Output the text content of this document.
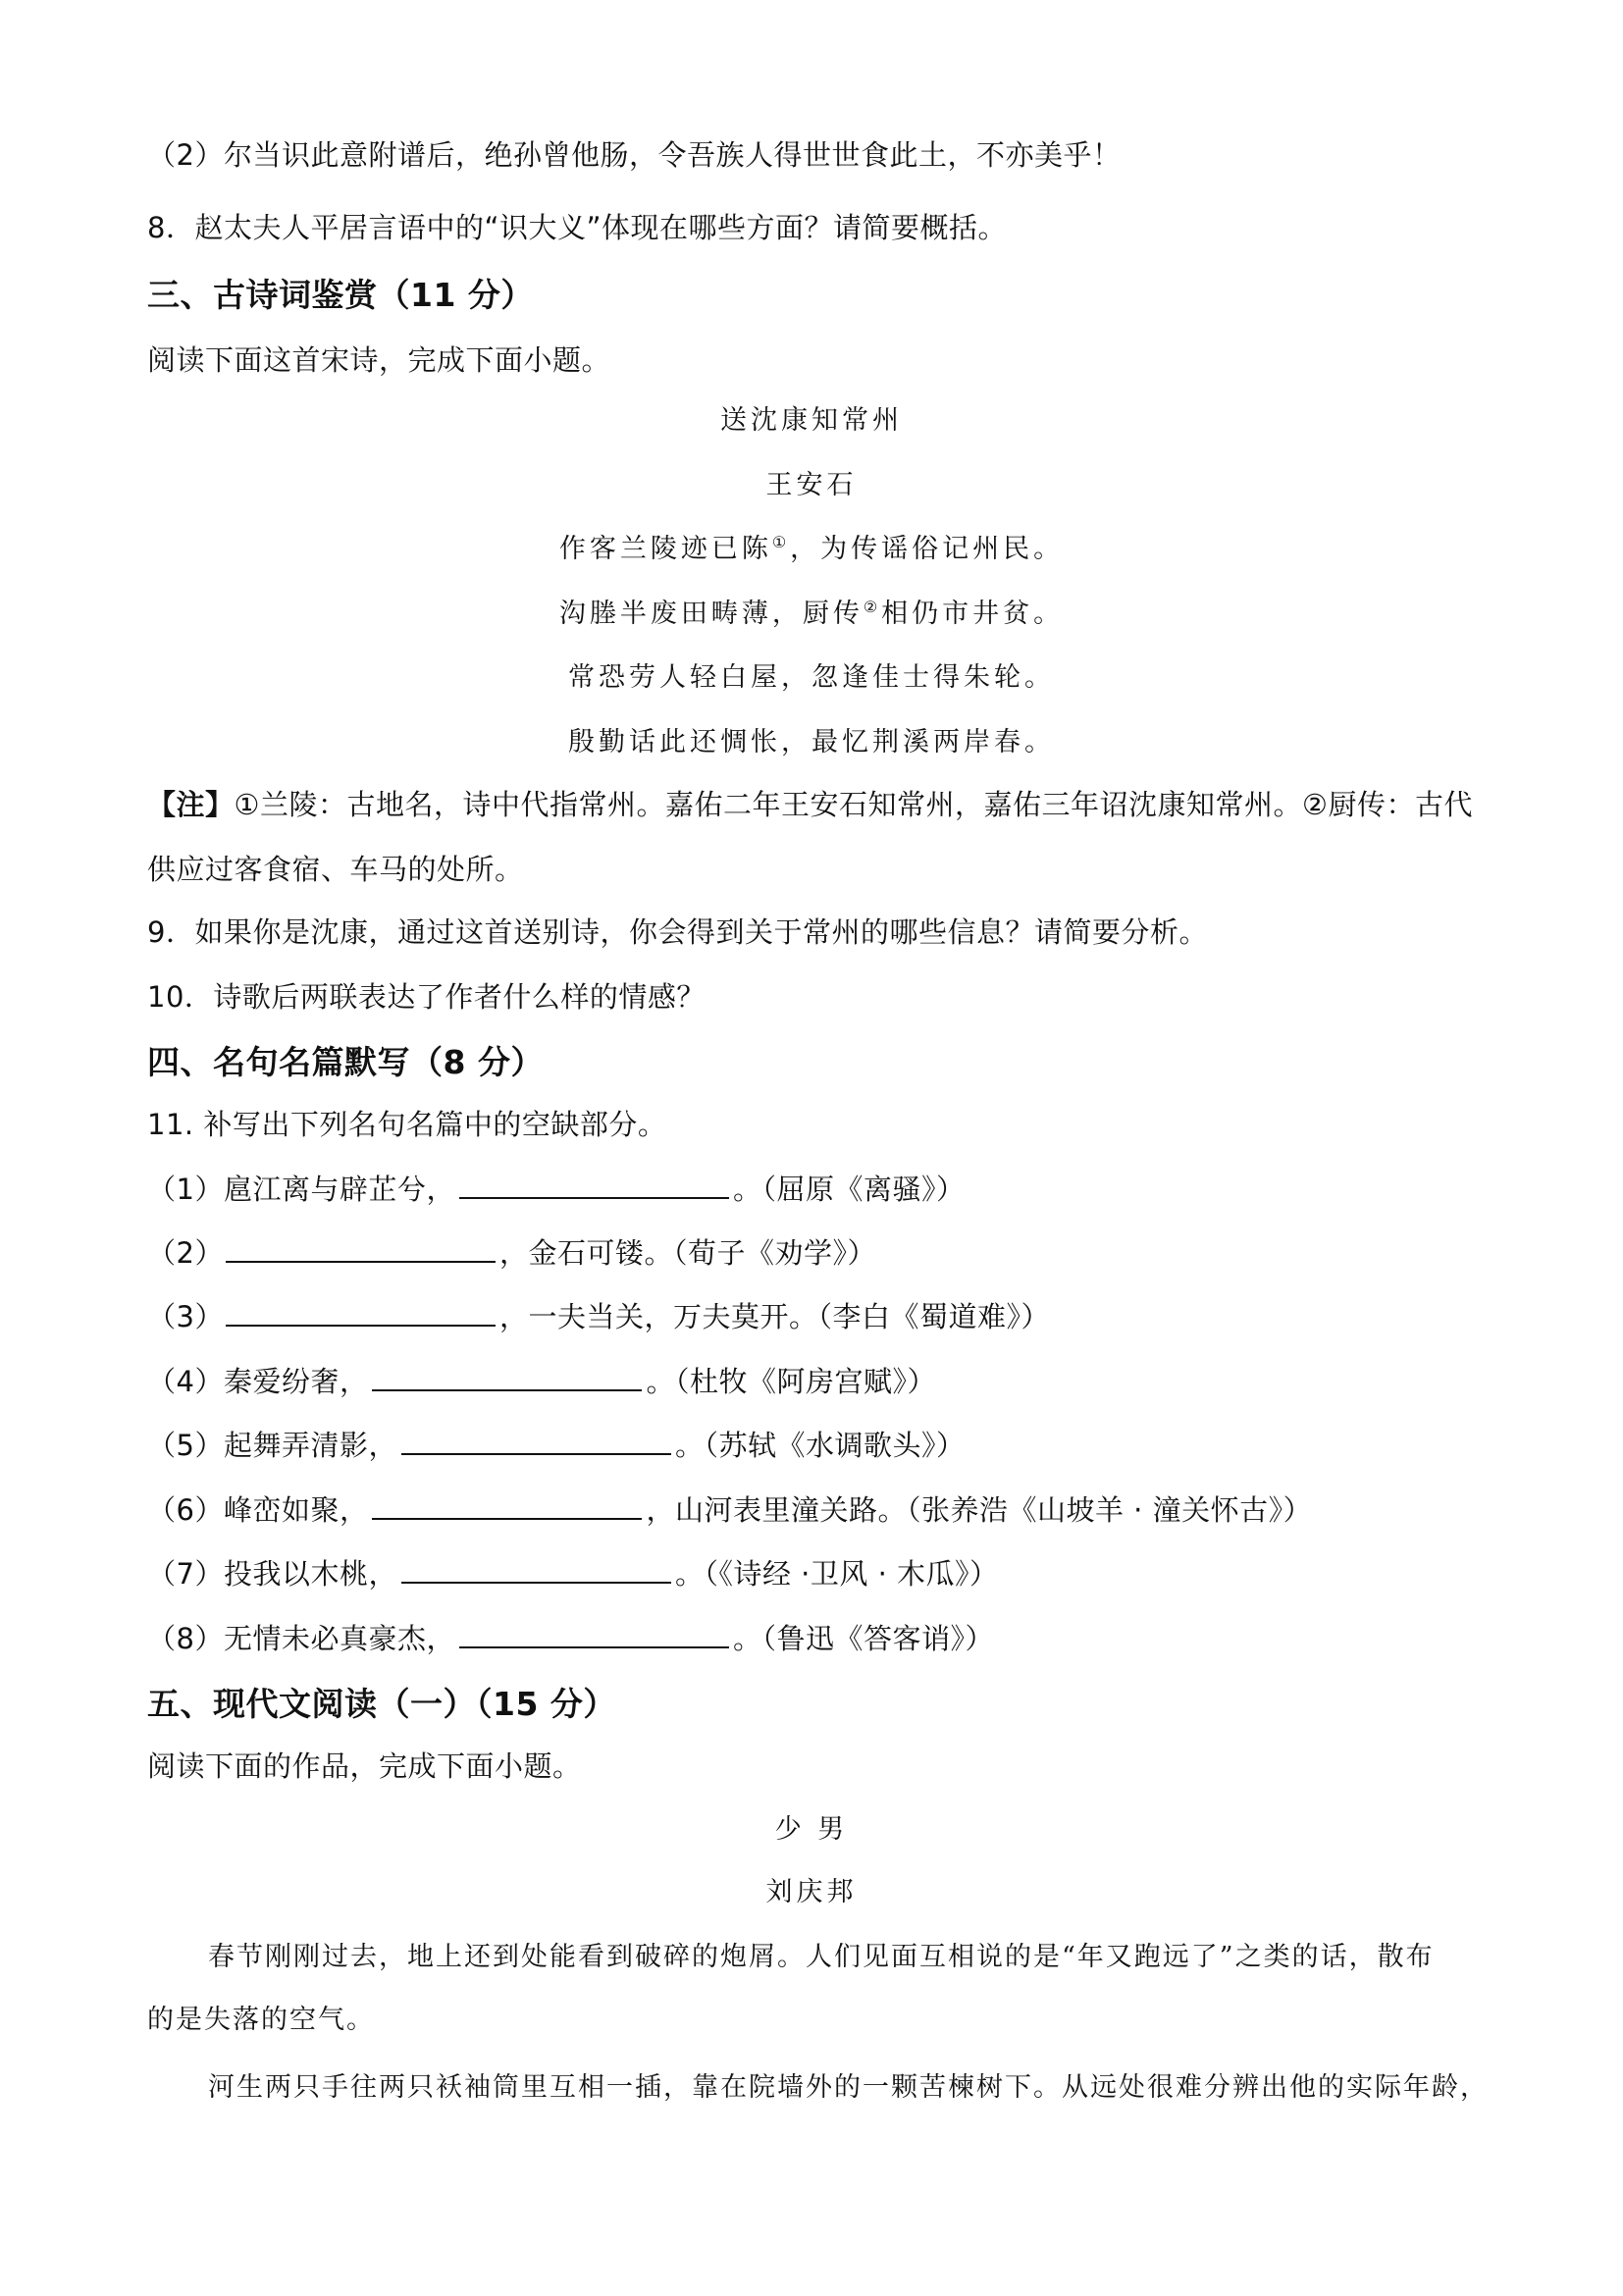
（2）尔当识此意附谱后，绝孙曾他肠，令吾族人得世世食此土，不亦美乎！
8．赵太夫人平居言语中的“识大义”体现在哪些方面？请简要概括。
三、古诗词鉴赏（11 分）
阅读下面这首宋诗，完成下面小题。
送沈康知常州
王安石
作客兰陵迹已陈①，为传谣俗记州民。
沟塍半废田畴薄，厨传②相仍市井贫。
常恐劳人轻白屋，忽逢佳士得朱轮。
殷勤话此还惆怅，最忆荆溪两岸春。
【注】①兰陵：古地名，诗中代指常州。嘉佑二年王安石知常州，嘉佑三年诏沈康知常州。②厨传：古代
供应过客食宿、车马的处所。
9．如果你是沈康，通过这首送别诗，你会得到关于常州的哪些信息？请简要分析。
10．诗歌后两联表达了作者什么样的情感？
四、名句名篇默写（8 分）
11. 补写出下列名句名篇中的空缺部分。
（1）扈江离与辟芷兮，	。（屈原《离骚》）
（2）	，金石可镂。（荀子《劝学》）
（3）	，一夫当关，万夫莫开。（李白《蜀道难》）
（4）秦爱纷奢，	。（杜牧《阿房宫赋》）
（5）起舞弄清影，	。（苏轼《水调歌头》）
（6）峰峦如聚，	，山河表里潼关路。（张养浩《山坡羊 · 潼关怀古》）
（7）投我以木桃，	。（《诗经 ·卫风 · 木瓜》）
（8）无情未必真豪杰，	。（鲁迅《答客诮》）
五、现代文阅读（一）（15 分）
阅读下面的作品，完成下面小题。
少 男
刘庆邦
春节刚刚过去，地上还到处能看到破碎的炮屑。人们见面互相说的是“年又跑远了”之类的话，散布
的是失落的空气。
河生两只手往两只袄袖筒里互相一插，靠在院墙外的一颗苦楝树下。从远处很难分辨出他的实际年龄，
